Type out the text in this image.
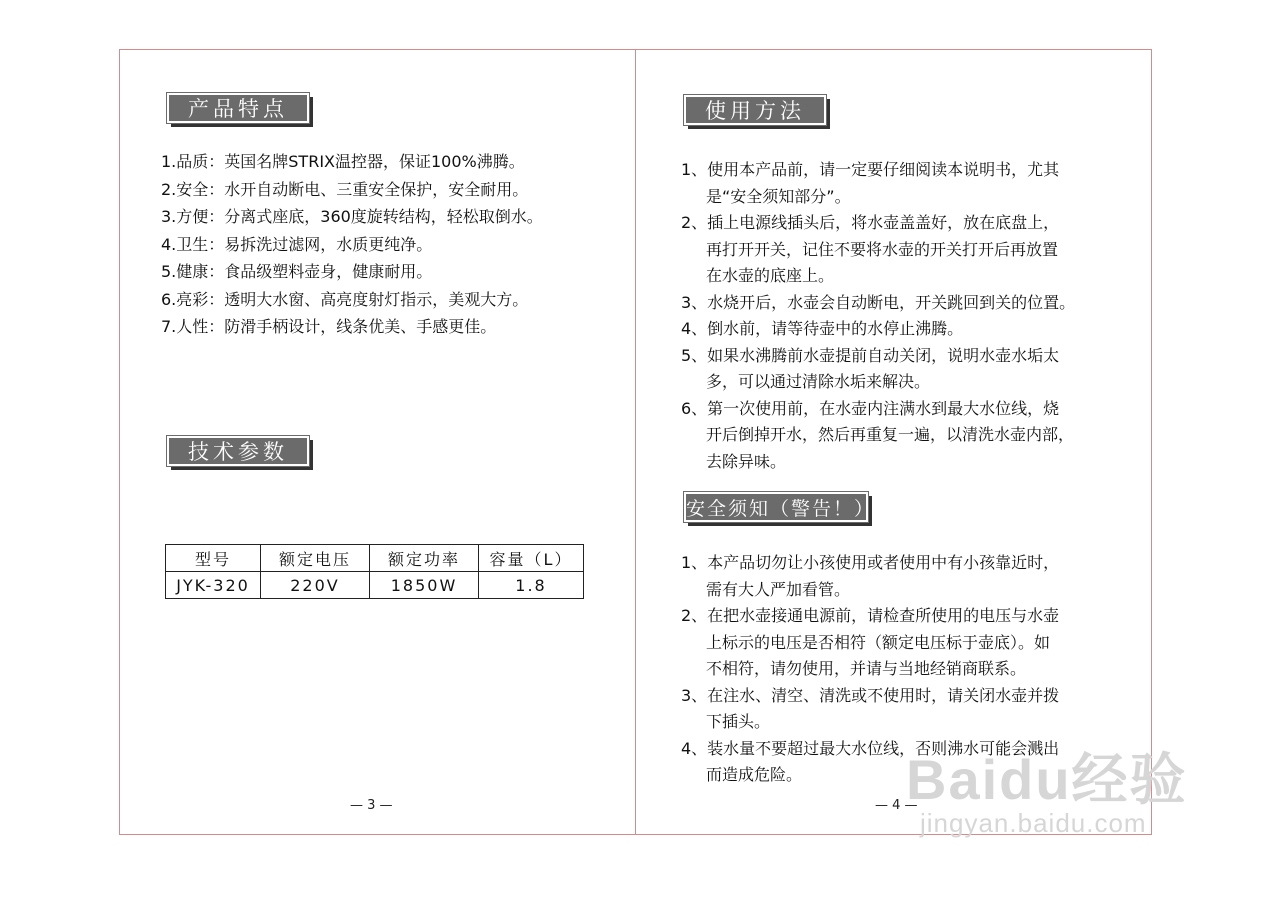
产品特点
1.品质：英国名牌STRIX温控器，保证100%沸腾。
2.安全：水开自动断电、三重安全保护，安全耐用。
3.方便：分离式座底，360度旋转结构，轻松取倒水。
4.卫生：易拆洗过滤网，水质更纯净。
5.健康：食品级塑料壶身，健康耐用。
6.亮彩：透明大水窗、高亮度射灯指示，美观大方。
7.人性：防滑手柄设计，线条优美、手感更佳。
技术参数
型号	额定电压	额定功率	容量（L）
JYK-320	220V	1850W	1.8
— 3 —
使用方法
1、使用本产品前，请一定要仔细阅读本说明书，尤其
是“安全须知部分”。
2、插上电源线插头后，将水壶盖盖好，放在底盘上，
再打开开关，记住不要将水壶的开关打开后再放置
在水壶的底座上。
3、水烧开后，水壶会自动断电，开关跳回到关的位置。
4、倒水前，请等待壶中的水停止沸腾。
5、如果水沸腾前水壶提前自动关闭，说明水壶水垢太
多，可以通过清除水垢来解决。
6、第一次使用前，在水壶内注满水到最大水位线，烧
开后倒掉开水，然后再重复一遍，以清洗水壶内部，
去除异味。
安全须知（警告！）
1、本产品切勿让小孩使用或者使用中有小孩靠近时，
需有大人严加看管。
2、在把水壶接通电源前，请检查所使用的电压与水壶
上标示的电压是否相符（额定电压标于壶底）。如
不相符，请勿使用，并请与当地经销商联系。
3、在注水、清空、清洗或不使用时，请关闭水壶并拨
下插头。
4、装水量不要超过最大水位线，否则沸水可能会溅出
而造成危险。
— 4 —
Baidu经验
jingyan.baidu.com
